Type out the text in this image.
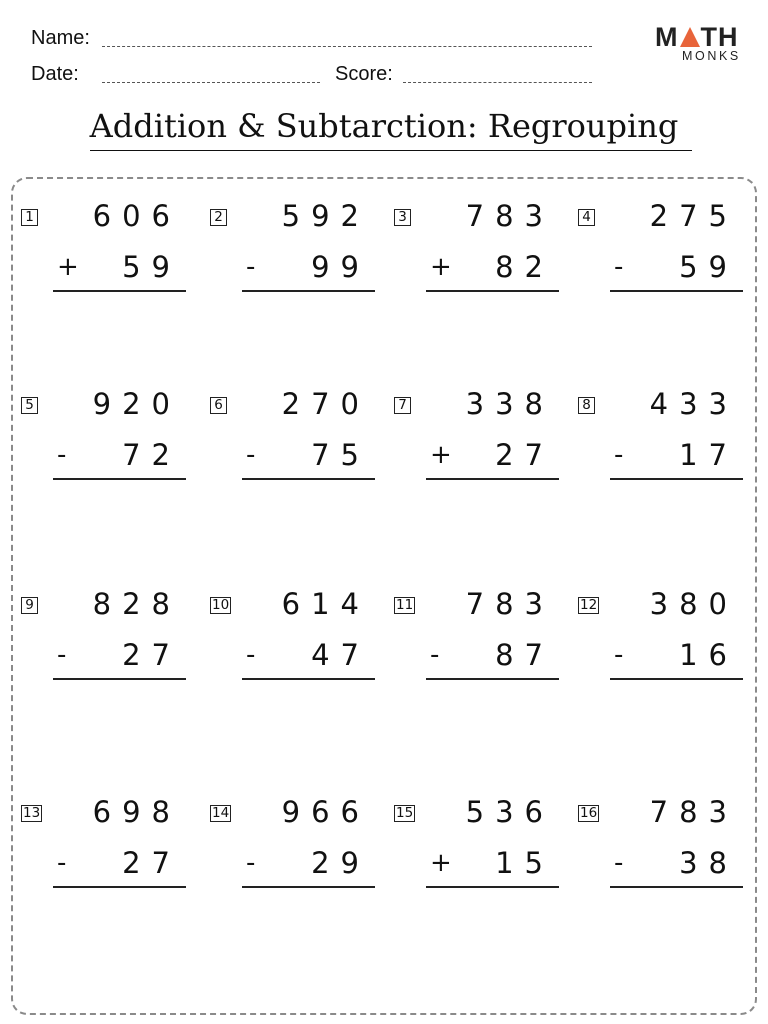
Name:
Date:	Score:
M TH
MONKS
Addition & Subtarction: Regrouping
1 606
+ 59
2 592
- 99
3 783
+ 82
4 275
- 59
5 920
- 72
6 270
- 75
7 338
+ 27
8 433
- 17
9 828
- 27
10 614
- 47
11 783
- 87
12 380
- 16
13 698
- 27
14 966
- 29
15 536
+ 15
16 783
- 38
